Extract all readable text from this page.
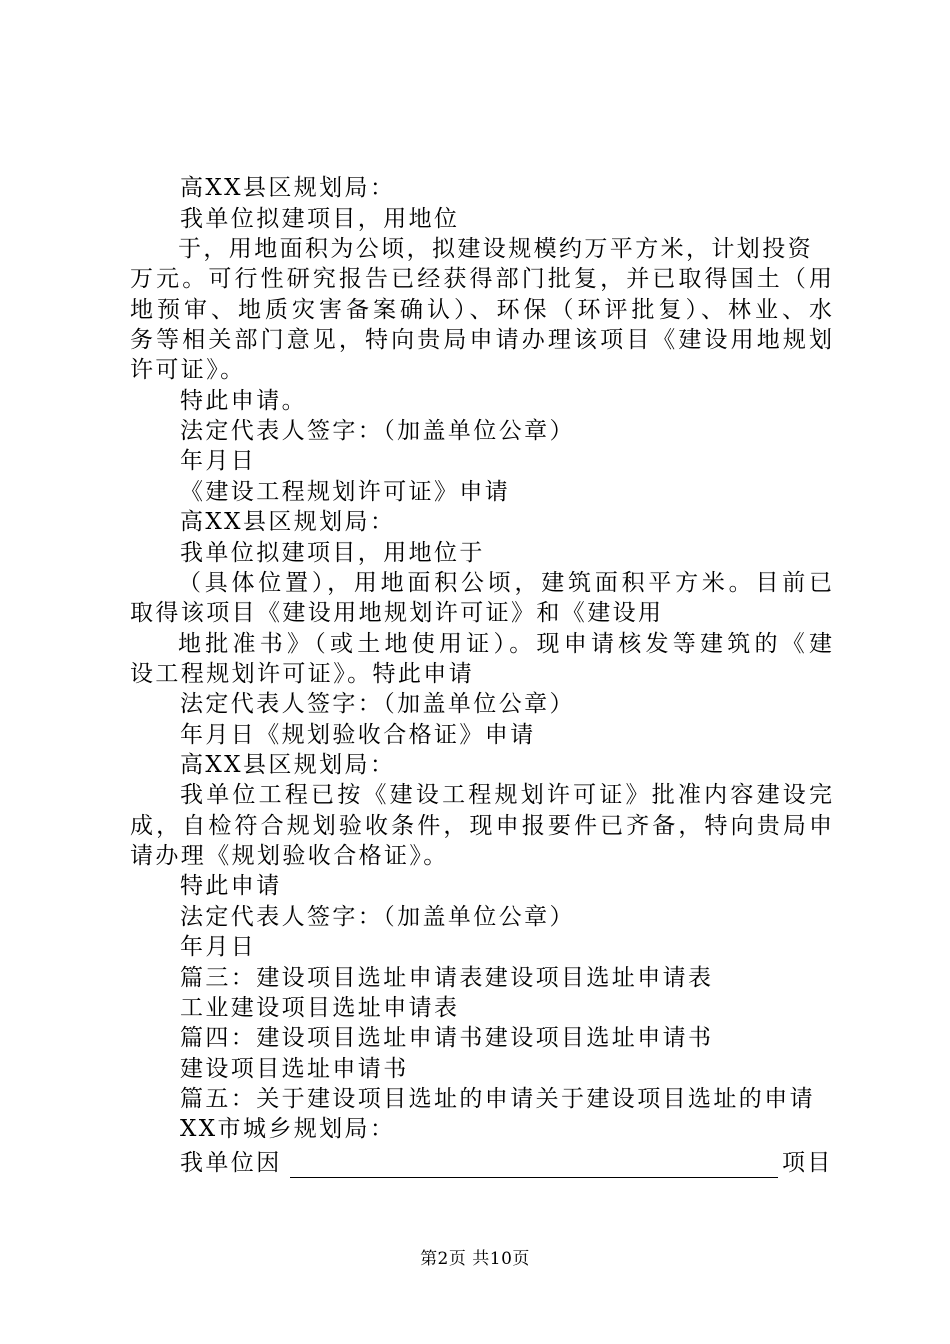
高XX县区规划局：
我单位拟建项目，用地位
于，用地面积为公顷，拟建设规模约万平方米，计划投资
万元。可行性研究报告已经获得部门批复，并已取得国土（用
地预审、地质灾害备案确认）、环保（环评批复）、林业、水
务等相关部门意见，特向贵局申请办理该项目《建设用地规划
许可证》。
特此申请。
法定代表人签字：（加盖单位公章）
年月日
《建设工程规划许可证》申请
高XX县区规划局：
我单位拟建项目，用地位于
（具体位置），用地面积公顷，建筑面积平方米。目前已
取得该项目《建设用地规划许可证》和《建设用
地批准书》（或土地使用证）。现申请核发等建筑的《建
设工程规划许可证》。特此申请
法定代表人签字：（加盖单位公章）
年月日《规划验收合格证》申请
高XX县区规划局：
我单位工程已按《建设工程规划许可证》批准内容建设完
成，自检符合规划验收条件，现申报要件已齐备，特向贵局申
请办理《规划验收合格证》。
特此申请
法定代表人签字：（加盖单位公章）
年月日
篇三：建设项目选址申请表建设项目选址申请表
工业建设项目选址申请表
篇四：建设项目选址申请书建设项目选址申请书
建设项目选址申请书
篇五：关于建设项目选址的申请关于建设项目选址的申请
XX市城乡规划局：
我单位因	项目
第2页 共10页
